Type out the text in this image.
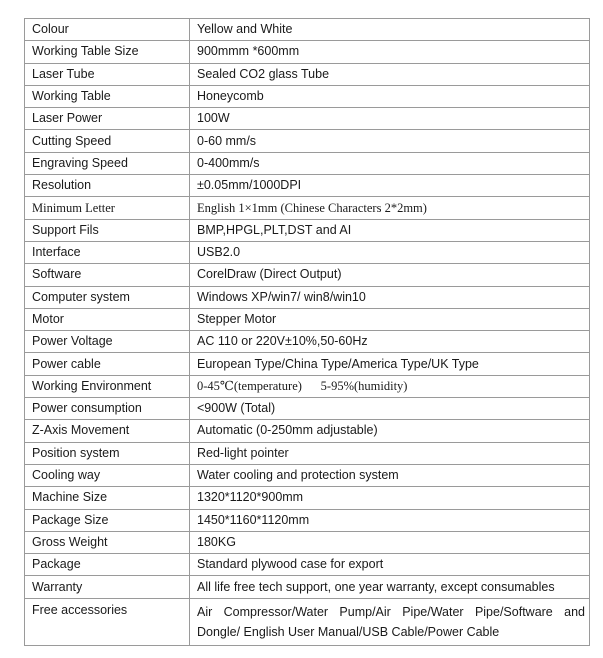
Colour	Yellow and White
Working Table Size	900mmm *600mm
Laser Tube	Sealed CO2 glass Tube
Working Table	Honeycomb
Laser Power	100W
Cutting Speed	0-60 mm/s
Engraving Speed	0-400mm/s
Resolution	±0.05mm/1000DPI
Minimum Letter	English 1×1mm (Chinese Characters 2*2mm)
Support Fils	BMP,HPGL,PLT,DST and AI
Interface	USB2.0
Software	CorelDraw (Direct Output)
Computer system	Windows XP/win7/ win8/win10
Motor	Stepper Motor
Power Voltage	AC 110 or 220V±10%,50-60Hz
Power cable	European Type/China Type/America Type/UK Type
Working Environment	0-45℃(temperature)      5-95%(humidity)
Power consumption	<900W (Total)
Z-Axis Movement	Automatic (0-250mm adjustable)
Position system	Red-light pointer
Cooling way	Water cooling and protection system
Machine Size	1320*1120*900mm
Package Size	1450*1160*1120mm
Gross Weight	180KG
Package	Standard plywood case for export
Warranty	All life free tech support, one year warranty, except consumables
Free accessories	Air Compressor/Water Pump/Air Pipe/Water Pipe/Software and Dongle/ English User Manual/USB Cable/Power Cable
